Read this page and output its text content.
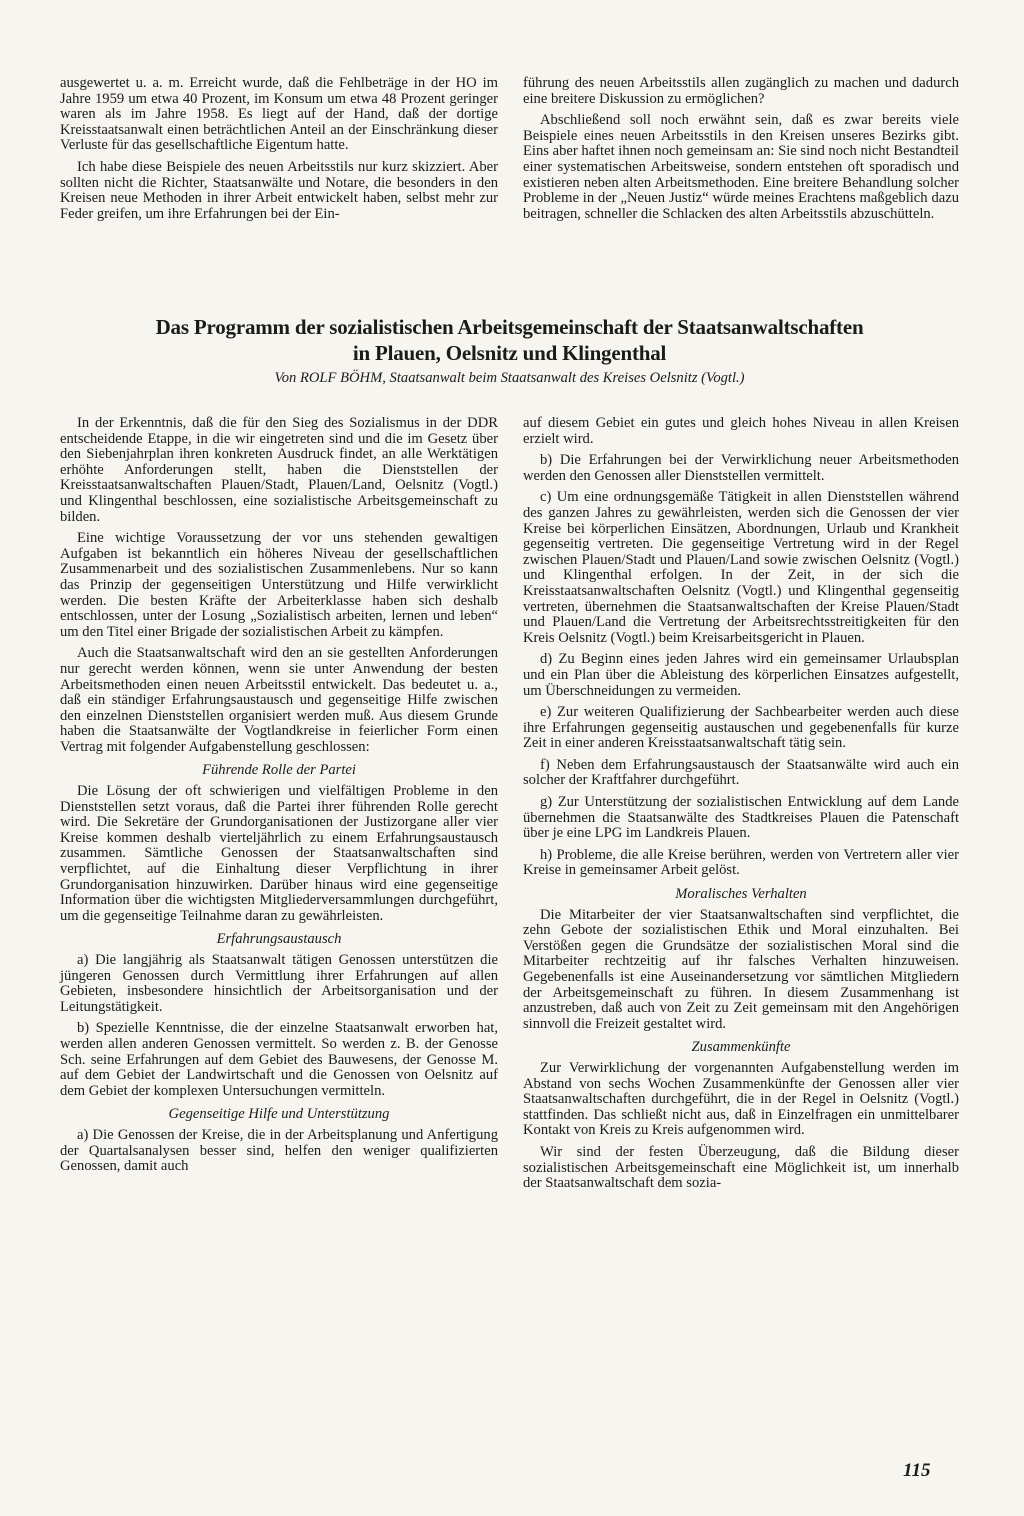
ausgewertet u. a. m. Erreicht wurde, daß die Fehlbeträge in der HO im Jahre 1959 um etwa 40 Prozent, im Konsum um etwa 48 Prozent geringer waren als im Jahre 1958. Es liegt auf der Hand, daß der dortige Kreisstaatsanwalt einen beträchtlichen Anteil an der Einschränkung dieser Verluste für das gesellschaftliche Eigentum hatte.

Ich habe diese Beispiele des neuen Arbeitsstils nur kurz skizziert. Aber sollten nicht die Richter, Staatsanwälte und Notare, die besonders in den Kreisen neue Methoden in ihrer Arbeit entwickelt haben, selbst mehr zur Feder greifen, um ihre Erfahrungen bei der Ein-

führung des neuen Arbeitsstils allen zugänglich zu machen und dadurch eine breitere Diskussion zu ermöglichen?

Abschließend soll noch erwähnt sein, daß es zwar bereits viele Beispiele eines neuen Arbeitsstils in den Kreisen unseres Bezirks gibt. Eins aber haftet ihnen noch gemeinsam an: Sie sind noch nicht Bestandteil einer systematischen Arbeitsweise, sondern entstehen oft sporadisch und existieren neben alten Arbeitsmethoden. Eine breitere Behandlung solcher Probleme in der „Neuen Justiz“ würde meines Erachtens maßgeblich dazu beitragen, schneller die Schlacken des alten Arbeitsstils abzuschütteln.

Das Programm der sozialistischen Arbeitsgemeinschaft der Staatsanwaltschaften
in Plauen, Oelsnitz und Klingenthal
Von ROLF BÖHM, Staatsanwalt beim Staatsanwalt des Kreises Oelsnitz (Vogtl.)

In der Erkenntnis, daß die für den Sieg des Sozialismus in der DDR entscheidende Etappe, in die wir eingetreten sind und die im Gesetz über den Siebenjahrplan ihren konkreten Ausdruck findet, an alle Werktätigen erhöhte Anforderungen stellt, haben die Dienststellen der Kreisstaatsanwaltschaften Plauen/Stadt, Plauen/Land, Oelsnitz (Vogtl.) und Klingenthal beschlossen, eine sozialistische Arbeitsgemeinschaft zu bilden.

Eine wichtige Voraussetzung der vor uns stehenden gewaltigen Aufgaben ist bekanntlich ein höheres Niveau der gesellschaftlichen Zusammenarbeit und des sozialistischen Zusammenlebens. Nur so kann das Prinzip der gegenseitigen Unterstützung und Hilfe verwirklicht werden. Die besten Kräfte der Arbeiterklasse haben sich deshalb entschlossen, unter der Losung „Sozialistisch arbeiten, lernen und leben“ um den Titel einer Brigade der sozialistischen Arbeit zu kämpfen.

Auch die Staatsanwaltschaft wird den an sie gestellten Anforderungen nur gerecht werden können, wenn sie unter Anwendung der besten Arbeitsmethoden einen neuen Arbeitsstil entwickelt. Das bedeutet u. a., daß ein ständiger Erfahrungsaustausch und gegenseitige Hilfe zwischen den einzelnen Dienststellen organisiert werden muß. Aus diesem Grunde haben die Staatsanwälte der Vogtlandkreise in feierlicher Form einen Vertrag mit folgender Aufgabenstellung geschlossen:

Führende Rolle der Partei

Die Lösung der oft schwierigen und vielfältigen Probleme in den Dienststellen setzt voraus, daß die Partei ihrer führenden Rolle gerecht wird. Die Sekretäre der Grundorganisationen der Justizorgane aller vier Kreise kommen deshalb vierteljährlich zu einem Erfahrungsaustausch zusammen. Sämtliche Genossen der Staatsanwaltschaften sind verpflichtet, auf die Einhaltung dieser Verpflichtung in ihrer Grundorganisation hinzuwirken. Darüber hinaus wird eine gegenseitige Information über die wichtigsten Mitgliederversammlungen durchgeführt, um die gegenseitige Teilnahme daran zu gewährleisten.

Erfahrungsaustausch

a) Die langjährig als Staatsanwalt tätigen Genossen unterstützen die jüngeren Genossen durch Vermittlung ihrer Erfahrungen auf allen Gebieten, insbesondere hinsichtlich der Arbeitsorganisation und der Leitungstätigkeit.

b) Spezielle Kenntnisse, die der einzelne Staatsanwalt erworben hat, werden allen anderen Genossen vermittelt. So werden z. B. der Genosse Sch. seine Erfahrungen auf dem Gebiet des Bauwesens, der Genosse M. auf dem Gebiet der Landwirtschaft und die Genossen von Oelsnitz auf dem Gebiet der komplexen Untersuchungen vermitteln.

Gegenseitige Hilfe und Unterstützung

a) Die Genossen der Kreise, die in der Arbeitsplanung und Anfertigung der Quartalsanalysen besser sind, helfen den weniger qualifizierten Genossen, damit auch

auf diesem Gebiet ein gutes und gleich hohes Niveau in allen Kreisen erzielt wird.

b) Die Erfahrungen bei der Verwirklichung neuer Arbeitsmethoden werden den Genossen aller Dienststellen vermittelt.

c) Um eine ordnungsgemäße Tätigkeit in allen Dienststellen während des ganzen Jahres zu gewährleisten, werden sich die Genossen der vier Kreise bei körperlichen Einsätzen, Abordnungen, Urlaub und Krankheit gegenseitig vertreten. Die gegenseitige Vertretung wird in der Regel zwischen Plauen/Stadt und Plauen/Land sowie zwischen Oelsnitz (Vogtl.) und Klingenthal erfolgen. In der Zeit, in der sich die Kreisstaatsanwaltschaften Oelsnitz (Vogtl.) und Klingenthal gegenseitig vertreten, übernehmen die Staatsanwaltschaften der Kreise Plauen/Stadt und Plauen/Land die Vertretung der Arbeitsrechtsstreitigkeiten für den Kreis Oelsnitz (Vogtl.) beim Kreisarbeitsgericht in Plauen.

d) Zu Beginn eines jeden Jahres wird ein gemeinsamer Urlaubsplan und ein Plan über die Ableistung des körperlichen Einsatzes aufgestellt, um Überschneidungen zu vermeiden.

e) Zur weiteren Qualifizierung der Sachbearbeiter werden auch diese ihre Erfahrungen gegenseitig austauschen und gegebenenfalls für kurze Zeit in einer anderen Kreisstaatsanwaltschaft tätig sein.

f) Neben dem Erfahrungsaustausch der Staatsanwälte wird auch ein solcher der Kraftfahrer durchgeführt.

g) Zur Unterstützung der sozialistischen Entwicklung auf dem Lande übernehmen die Staatsanwälte des Stadtkreises Plauen die Patenschaft über je eine LPG im Landkreis Plauen.

h) Probleme, die alle Kreise berühren, werden von Vertretern aller vier Kreise in gemeinsamer Arbeit gelöst.

Moralisches Verhalten

Die Mitarbeiter der vier Staatsanwaltschaften sind verpflichtet, die zehn Gebote der sozialistischen Ethik und Moral einzuhalten. Bei Verstößen gegen die Grundsätze der sozialistischen Moral sind die Mitarbeiter rechtzeitig auf ihr falsches Verhalten hinzuweisen. Gegebenenfalls ist eine Auseinandersetzung vor sämtlichen Mitgliedern der Arbeitsgemeinschaft zu führen. In diesem Zusammenhang ist anzustreben, daß auch von Zeit zu Zeit gemeinsam mit den Angehörigen sinnvoll die Freizeit gestaltet wird.

Zusammenkünfte

Zur Verwirklichung der vorgenannten Aufgabenstellung werden im Abstand von sechs Wochen Zusammenkünfte der Genossen aller vier Staatsanwaltschaften durchgeführt, die in der Regel in Oelsnitz (Vogtl.) stattfinden. Das schließt nicht aus, daß in Einzelfragen ein unmittelbarer Kontakt von Kreis zu Kreis aufgenommen wird.

Wir sind der festen Überzeugung, daß die Bildung dieser sozialistischen Arbeitsgemeinschaft eine Möglichkeit ist, um innerhalb der Staatsanwaltschaft dem sozia-

115
